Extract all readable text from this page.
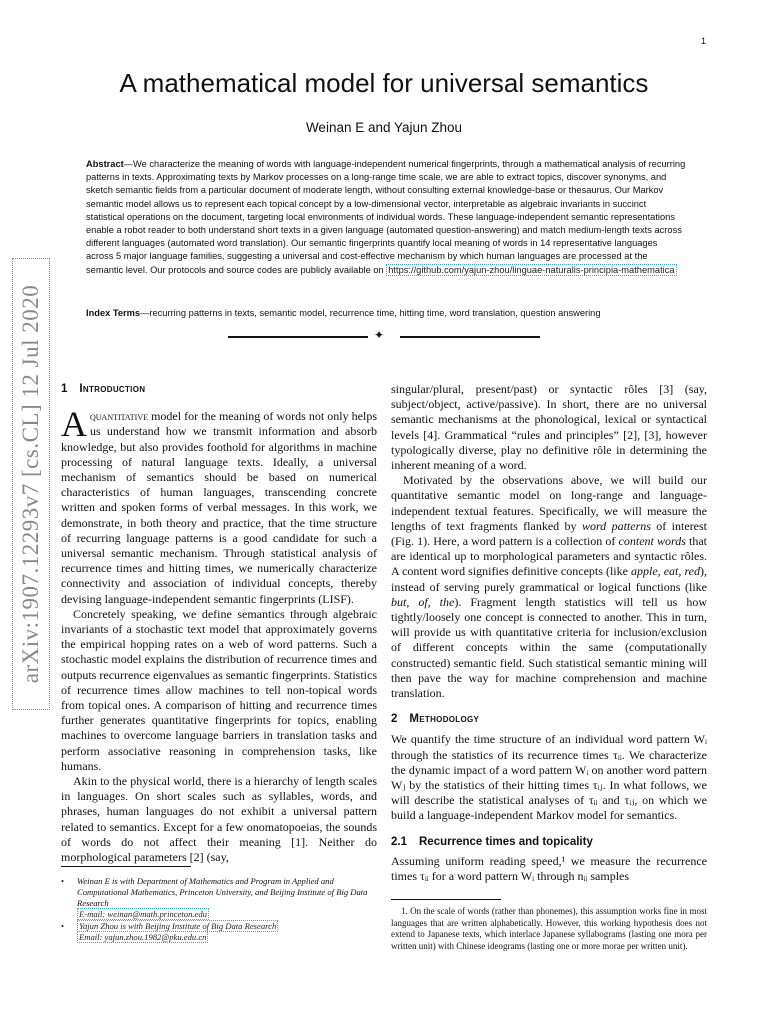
1
A mathematical model for universal semantics
Weinan E and Yajun Zhou
Abstract—We characterize the meaning of words with language-independent numerical fingerprints, through a mathematical analysis of recurring patterns in texts. Approximating texts by Markov processes on a long-range time scale, we are able to extract topics, discover synonyms, and sketch semantic fields from a particular document of moderate length, without consulting external knowledge-base or thesaurus. Our Markov semantic model allows us to represent each topical concept by a low-dimensional vector, interpretable as algebraic invariants in succinct statistical operations on the document, targeting local environments of individual words. These language-independent semantic representations enable a robot reader to both understand short texts in a given language (automated question-answering) and match medium-length texts across different languages (automated word translation). Our semantic fingerprints quantify local meaning of words in 14 representative languages across 5 major language families, suggesting a universal and cost-effective mechanism by which human languages are processed at the semantic level. Our protocols and source codes are publicly available on https://github.com/yajun-zhou/linguae-naturalis-principia-mathematica
Index Terms—recurring patterns in texts, semantic model, recurrence time, hitting time, word translation, question answering
✦
arXiv:1907.12293v7 [cs.CL] 12 Jul 2020 1 Introduction

Aquantitative model for the meaning of words not only helps us understand how we transmit information and absorb knowledge, but also provides foothold for algorithms in machine processing of natural language texts. Ideally, a universal mechanism of semantics should be based on numerical characteristics of human languages, transcending concrete written and spoken forms of verbal messages. In this work, we demonstrate, in both theory and practice, that the time structure of recurring language patterns is a good candidate for such a universal semantic mechanism. Through statistical analysis of recurrence times and hitting times, we numerically characterize connectivity and association of individual concepts, thereby devising language-independent semantic fingerprints (LISF).

Concretely speaking, we define semantics through algebraic invariants of a stochastic text model that approximately governs the empirical hopping rates on a web of word patterns. Such a stochastic model explains the distribution of recurrence times and outputs recurrence eigenvalues as semantic fingerprints. Statistics of recurrence times allow machines to tell non-topical words from topical ones. A comparison of hitting and recurrence times further generates quantitative fingerprints for topics, enabling machines to overcome language barriers in translation tasks and perform associative reasoning in comprehension tasks, like humans.

Akin to the physical world, there is a hierarchy of length scales in languages. On short scales such as syllables, words, and phrases, human languages do not exhibit a universal pattern related to semantics. Except for a few onomatopoeias, the sounds of words do not affect their meaning [1]. Neither do morphological parameters [2] (say,

• Weinan E is with Department of Mathematics and Program in Applied and Computational Mathematics, Princeton University, and Beijing Institute of Big Data Research
E-mail: weinan@math.princeton.edu
• Yajun Zhou is with Beijing Institute of Big Data Research
Email: yajun.zhou.1982@pku.edu.cn

singular/plural, present/past) or syntactic rôles [3] (say, subject/object, active/passive). In short, there are no universal semantic mechanisms at the phonological, lexical or syntactical levels [4]. Grammatical “rules and principles” [2], [3], however typologically diverse, play no definitive rôle in determining the inherent meaning of a word.

Motivated by the observations above, we will build our quantitative semantic model on long-range and language-independent textual features. Specifically, we will measure the lengths of text fragments flanked by word patterns of interest (Fig. 1). Here, a word pattern is a collection of content words that are identical up to morphological parameters and syntactic rôles. A content word signifies definitive concepts (like apple, eat, red), instead of serving purely grammatical or logical functions (like but, of, the). Fragment length statistics will tell us how tightly/loosely one concept is connected to another. This in turn, will provide us with quantitative criteria for inclusion/exclusion of different concepts within the same (computationally constructed) semantic field. Such statistical semantic mining will then pave the way for machine comprehension and machine translation.

2 Methodology

We quantify the time structure of an individual word pattern Wᵢ through the statistics of its recurrence times τᵢᵢ. We characterize the dynamic impact of a word pattern Wᵢ on another word pattern Wⱼ by the statistics of their hitting times τᵢⱼ. In what follows, we will describe the statistical analyses of τᵢᵢ and τᵢⱼ, on which we build a language-independent Markov model for semantics.

2.1 Recurrence times and topicality

Assuming uniform reading speed,¹ we measure the recurrence times τᵢᵢ for a word pattern Wᵢ through nᵢᵢ samples

1. On the scale of words (rather than phonemes), this assumption works fine in most languages that are written alphabetically. However, this working hypothesis does not extend to Japanese texts, which interlace Japanese syllabograms (lasting one mora per written unit) with Chinese ideograms (lasting one or more morae per written unit).
